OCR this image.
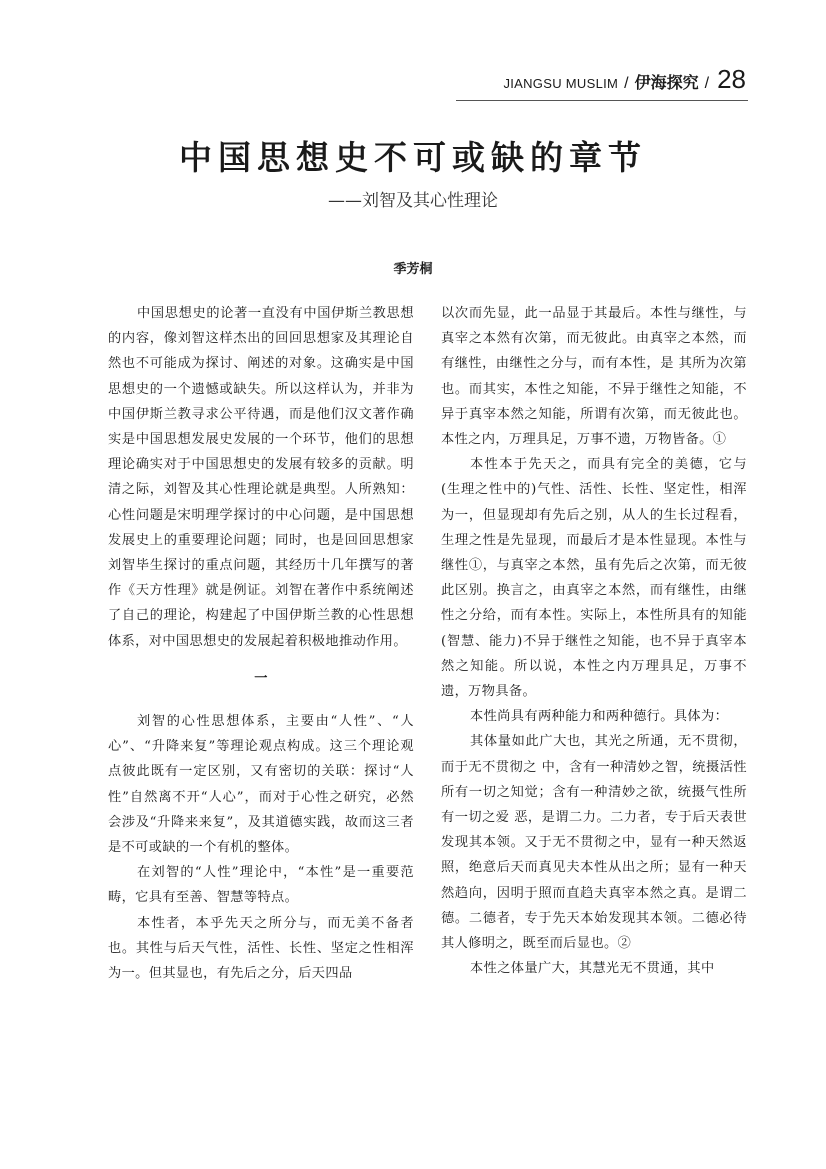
JIANGSU MUSLIM / 伊海探究 / 28
中国思想史不可或缺的章节
——刘智及其心性理论
季芳桐

中国思想史的论著一直没有中国伊斯兰教思想的内容，像刘智这样杰出的回回思想家及其理论自然也不可能成为探讨、阐述的对象。这确实是中国思想史的一个遗憾或缺失。所以这样认为，并非为中国伊斯兰教寻求公平待遇，而是他们汉文著作确实是中国思想发展史发展的一个环节，他们的思想理论确实对于中国思想史的发展有较多的贡献。明清之际，刘智及其心性理论就是典型。人所熟知：心性问题是宋明理学探讨的中心问题，是中国思想发展史上的重要理论问题；同时，也是回回思想家刘智毕生探讨的重点问题，其经历十几年撰写的著作《天方性理》就是例证。刘智在著作中系统阐述了自己的理论，构建起了中国伊斯兰教的心性思想体系，对中国思想史的发展起着积极地推动作用。

一

刘智的心性思想体系，主要由“人性”、“人心”、“升降来复”等理论观点构成。这三个理论观点彼此既有一定区别，又有密切的关联：探讨“人性”自然离不开“人心”，而对于心性之研究，必然会涉及“升降来来复”，及其道德实践，故而这三者是不可或缺的一个有机的整体。

在刘智的“人性”理论中，“本性”是一重要范畴，它具有至善、智慧等特点。

本性者，本乎先天之所分与，而无美不备者也。其性与后天气性，活性、长性、坚定之性相浑为一。但其显也，有先后之分，后天四品

以次而先显，此一品显于其最后。本性与继性，与真宰之本然有次第，而无彼此。由真宰之本然，而有继性，由继性之分与，而有本性，是 其所为次第也。而其实，本性之知能，不异于继性之知能，不异于真宰本然之知能，所谓有次第，而无彼此也。本性之内，万理具足，万事不遗，万物皆备。①

本性本于先天之，而具有完全的美德，它与(生理之性中的)气性、活性、长性、坚定性，相浑为一，但显现却有先后之别，从人的生长过程看，生理之性是先显现，而最后才是本性显现。本性与继性①，与真宰之本然，虽有先后之次第，而无彼此区别。换言之，由真宰之本然，而有继性，由继性之分给，而有本性。实际上，本性所具有的知能(智慧、能力)不异于继性之知能，也不异于真宰本然之知能。所以说，本性之内万理具足，万事不遗，万物具备。

本性尚具有两种能力和两种德行。具体为：

其体量如此广大也，其光之所通，无不贯彻，而于无不贯彻之 中，含有一种清妙之智，统摄活性所有一切之知觉；含有一种清妙之欲，统摄气性所有一切之爱 恶，是谓二力。二力者，专于后天表世发现其本领。又于无不贯彻之中，显有一种天然返照，绝意后天而真见夫本性从出之所；显有一种天然趋向，因明于照而直趋夫真宰本然之真。是谓二德。二德者，专于先天本始发现其本领。二德必待其人修明之，既至而后显也。②

本性之体量广大，其慧光无不贯通，其中
